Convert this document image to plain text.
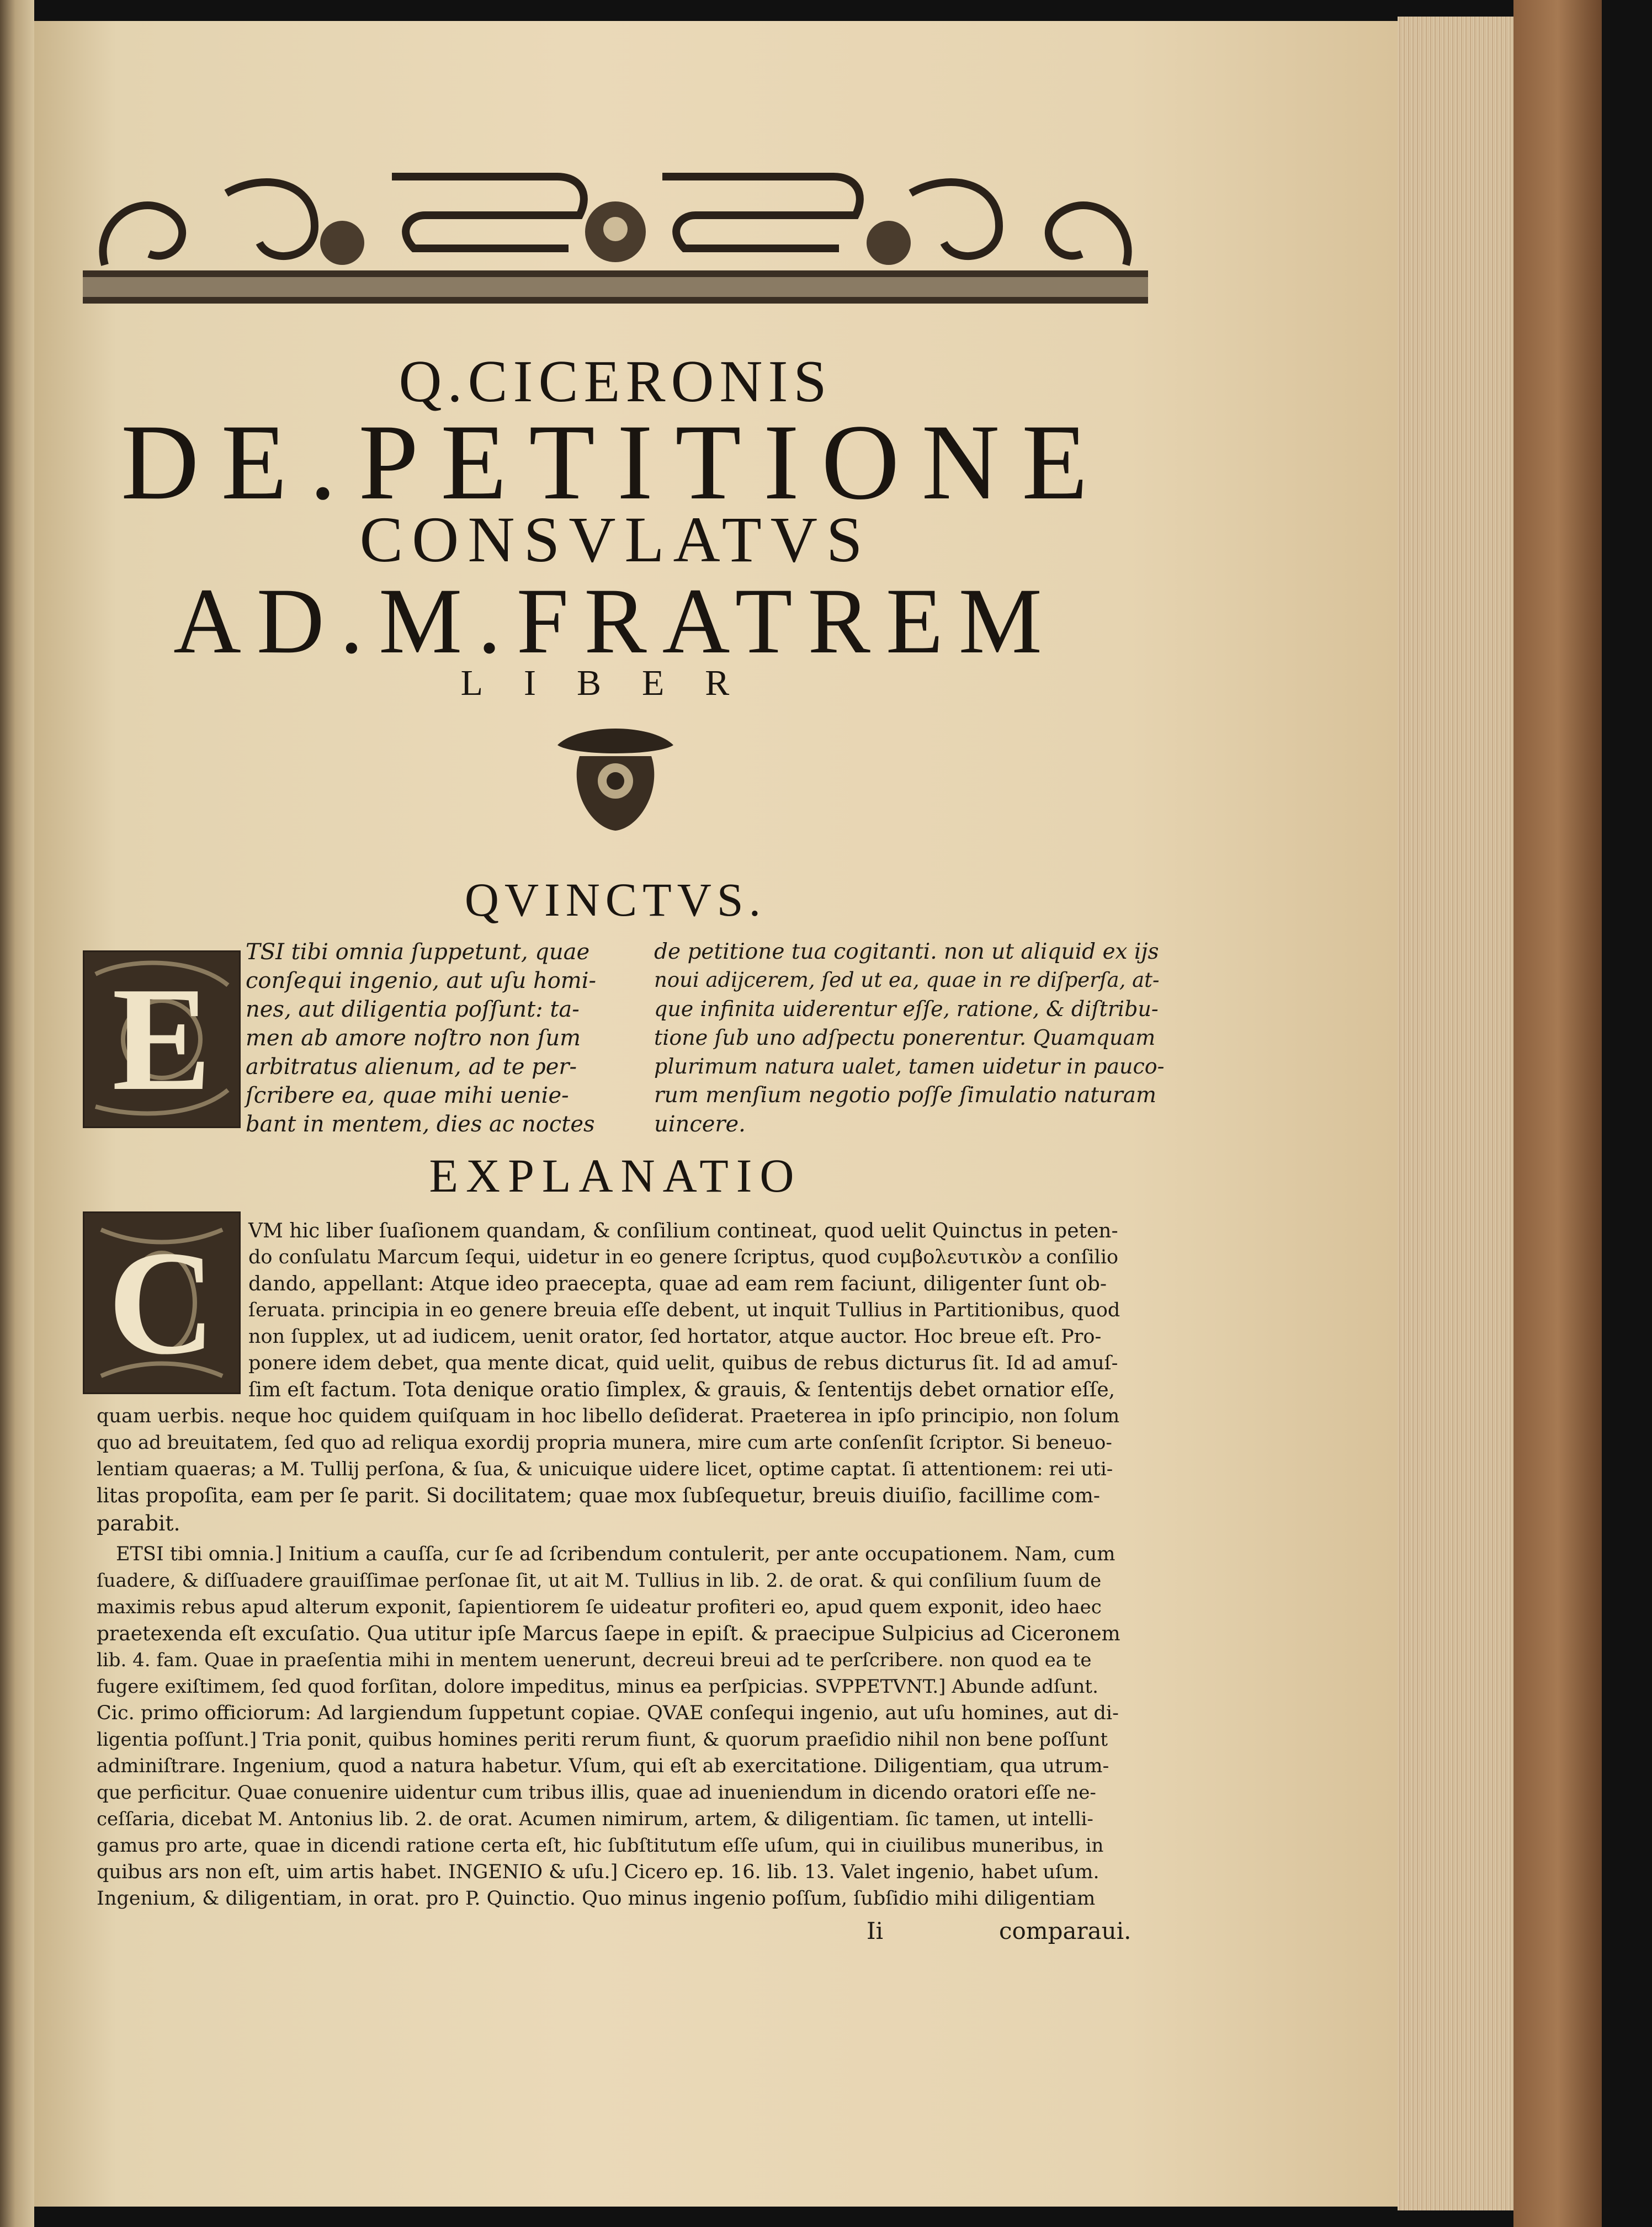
Q.CICERONIS
DE.PETITIONE
CONSVLATVS
AD.M.FRATREM
LIBER
QVINCTVS.
E

TSI tibi omnia ſuppetunt, quae

conſequi ingenio, aut uſu homi-

nes, aut diligentia poſſunt: ta-

men ab amore noſtro non ſum

arbitratus alienum, ad te per-

ſcribere ea, quae mihi uenie-

bant in mentem, dies ac noctes

de petitione tua cogitanti. non ut aliquid ex ijs

noui adijcerem, ſed ut ea, quae in re diſperſa, at-

que infinita uiderentur eſſe, ratione, & diſtribu-

tione ſub uno adſpectu ponerentur. Quamquam

plurimum natura ualet, tamen uidetur in pauco-

rum menſium negotio poſſe ſimulatio naturam

uincere.

EXPLANATIO
C VM hic liber ſuaſionem quandam, & conſilium contineat, quod uelit Quinctus in peten-

do conſulatu Marcum ſequi, uidetur in eo genere ſcriptus, quod ϲυμβολευτικὸν a conſilio

dando, appellant: Atque ideo praecepta, quae ad eam rem faciunt, diligenter ſunt ob-

ſeruata. principia in eo genere breuia eſſe debent, ut inquit Tullius in Partitionibus, quod

non ſupplex, ut ad iudicem, uenit orator, ſed hortator, atque auctor. Hoc breue eſt. Pro-

ponere idem debet, qua mente dicat, quid uelit, quibus de rebus dicturus ſit. Id ad amuſ-

ſim eſt factum. Tota denique oratio ſimplex, & grauis, & ſententijs debet ornatior eſſe,

quam uerbis. neque hoc quidem quiſquam in hoc libello deſiderat. Praeterea in ipſo principio, non ſolum

quo ad breuitatem, ſed quo ad reliqua exordij propria munera, mire cum arte conſenſit ſcriptor. Si beneuo-

lentiam quaeras; a M. Tullij perſona, & ſua, & unicuique uidere licet, optime captat. ſi attentionem: rei uti-

litas propoſita, eam per ſe parit. Si docilitatem; quae mox ſubſequetur, breuis diuiſio, facillime com-

parabit.

ETSI tibi omnia.] Initium a cauſſa, cur ſe ad ſcribendum contulerit, per ante occupationem. Nam, cum

ſuadere, & diſſuadere grauiſſimae perſonae ſit, ut ait M. Tullius in lib. 2. de orat. & qui conſilium ſuum de

maximis rebus apud alterum exponit, ſapientiorem ſe uideatur profiteri eo, apud quem exponit, ideo haec

praetexenda eſt excuſatio. Qua utitur ipſe Marcus ſaepe in epiſt. & praecipue Sulpicius ad Ciceronem

lib. 4. fam. Quae in praeſentia mihi in mentem uenerunt, decreui breui ad te perſcribere. non quod ea te

fugere exiſtimem, ſed quod forſitan, dolore impeditus, minus ea perſpicias. SVPPETVNT.] Abunde adſunt.

Cic. primo officiorum: Ad largiendum ſuppetunt copiae. QVAE conſequi ingenio, aut uſu homines, aut di-

ligentia poſſunt.] Tria ponit, quibus homines periti rerum fiunt, & quorum praeſidio nihil non bene poſſunt

adminiſtrare. Ingenium, quod a natura habetur. Vſum, qui eſt ab exercitatione. Diligentiam, qua utrum-

que perficitur. Quae conuenire uidentur cum tribus illis, quae ad inueniendum in dicendo oratori eſſe ne-

ceſſaria, dicebat M. Antonius lib. 2. de orat. Acumen nimirum, artem, & diligentiam. ſic tamen, ut intelli-

gamus pro arte, quae in dicendi ratione certa eſt, hic ſubſtitutum eſſe uſum, qui in ciuilibus muneribus, in

quibus ars non eſt, uim artis habet. INGENIO & uſu.] Cicero ep. 16. lib. 13. Valet ingenio, habet uſum.

Ingenium, & diligentiam, in orat. pro P. Quinctio. Quo minus ingenio poſſum, ſubſidio mihi diligentiam

Ii	comparaui.
